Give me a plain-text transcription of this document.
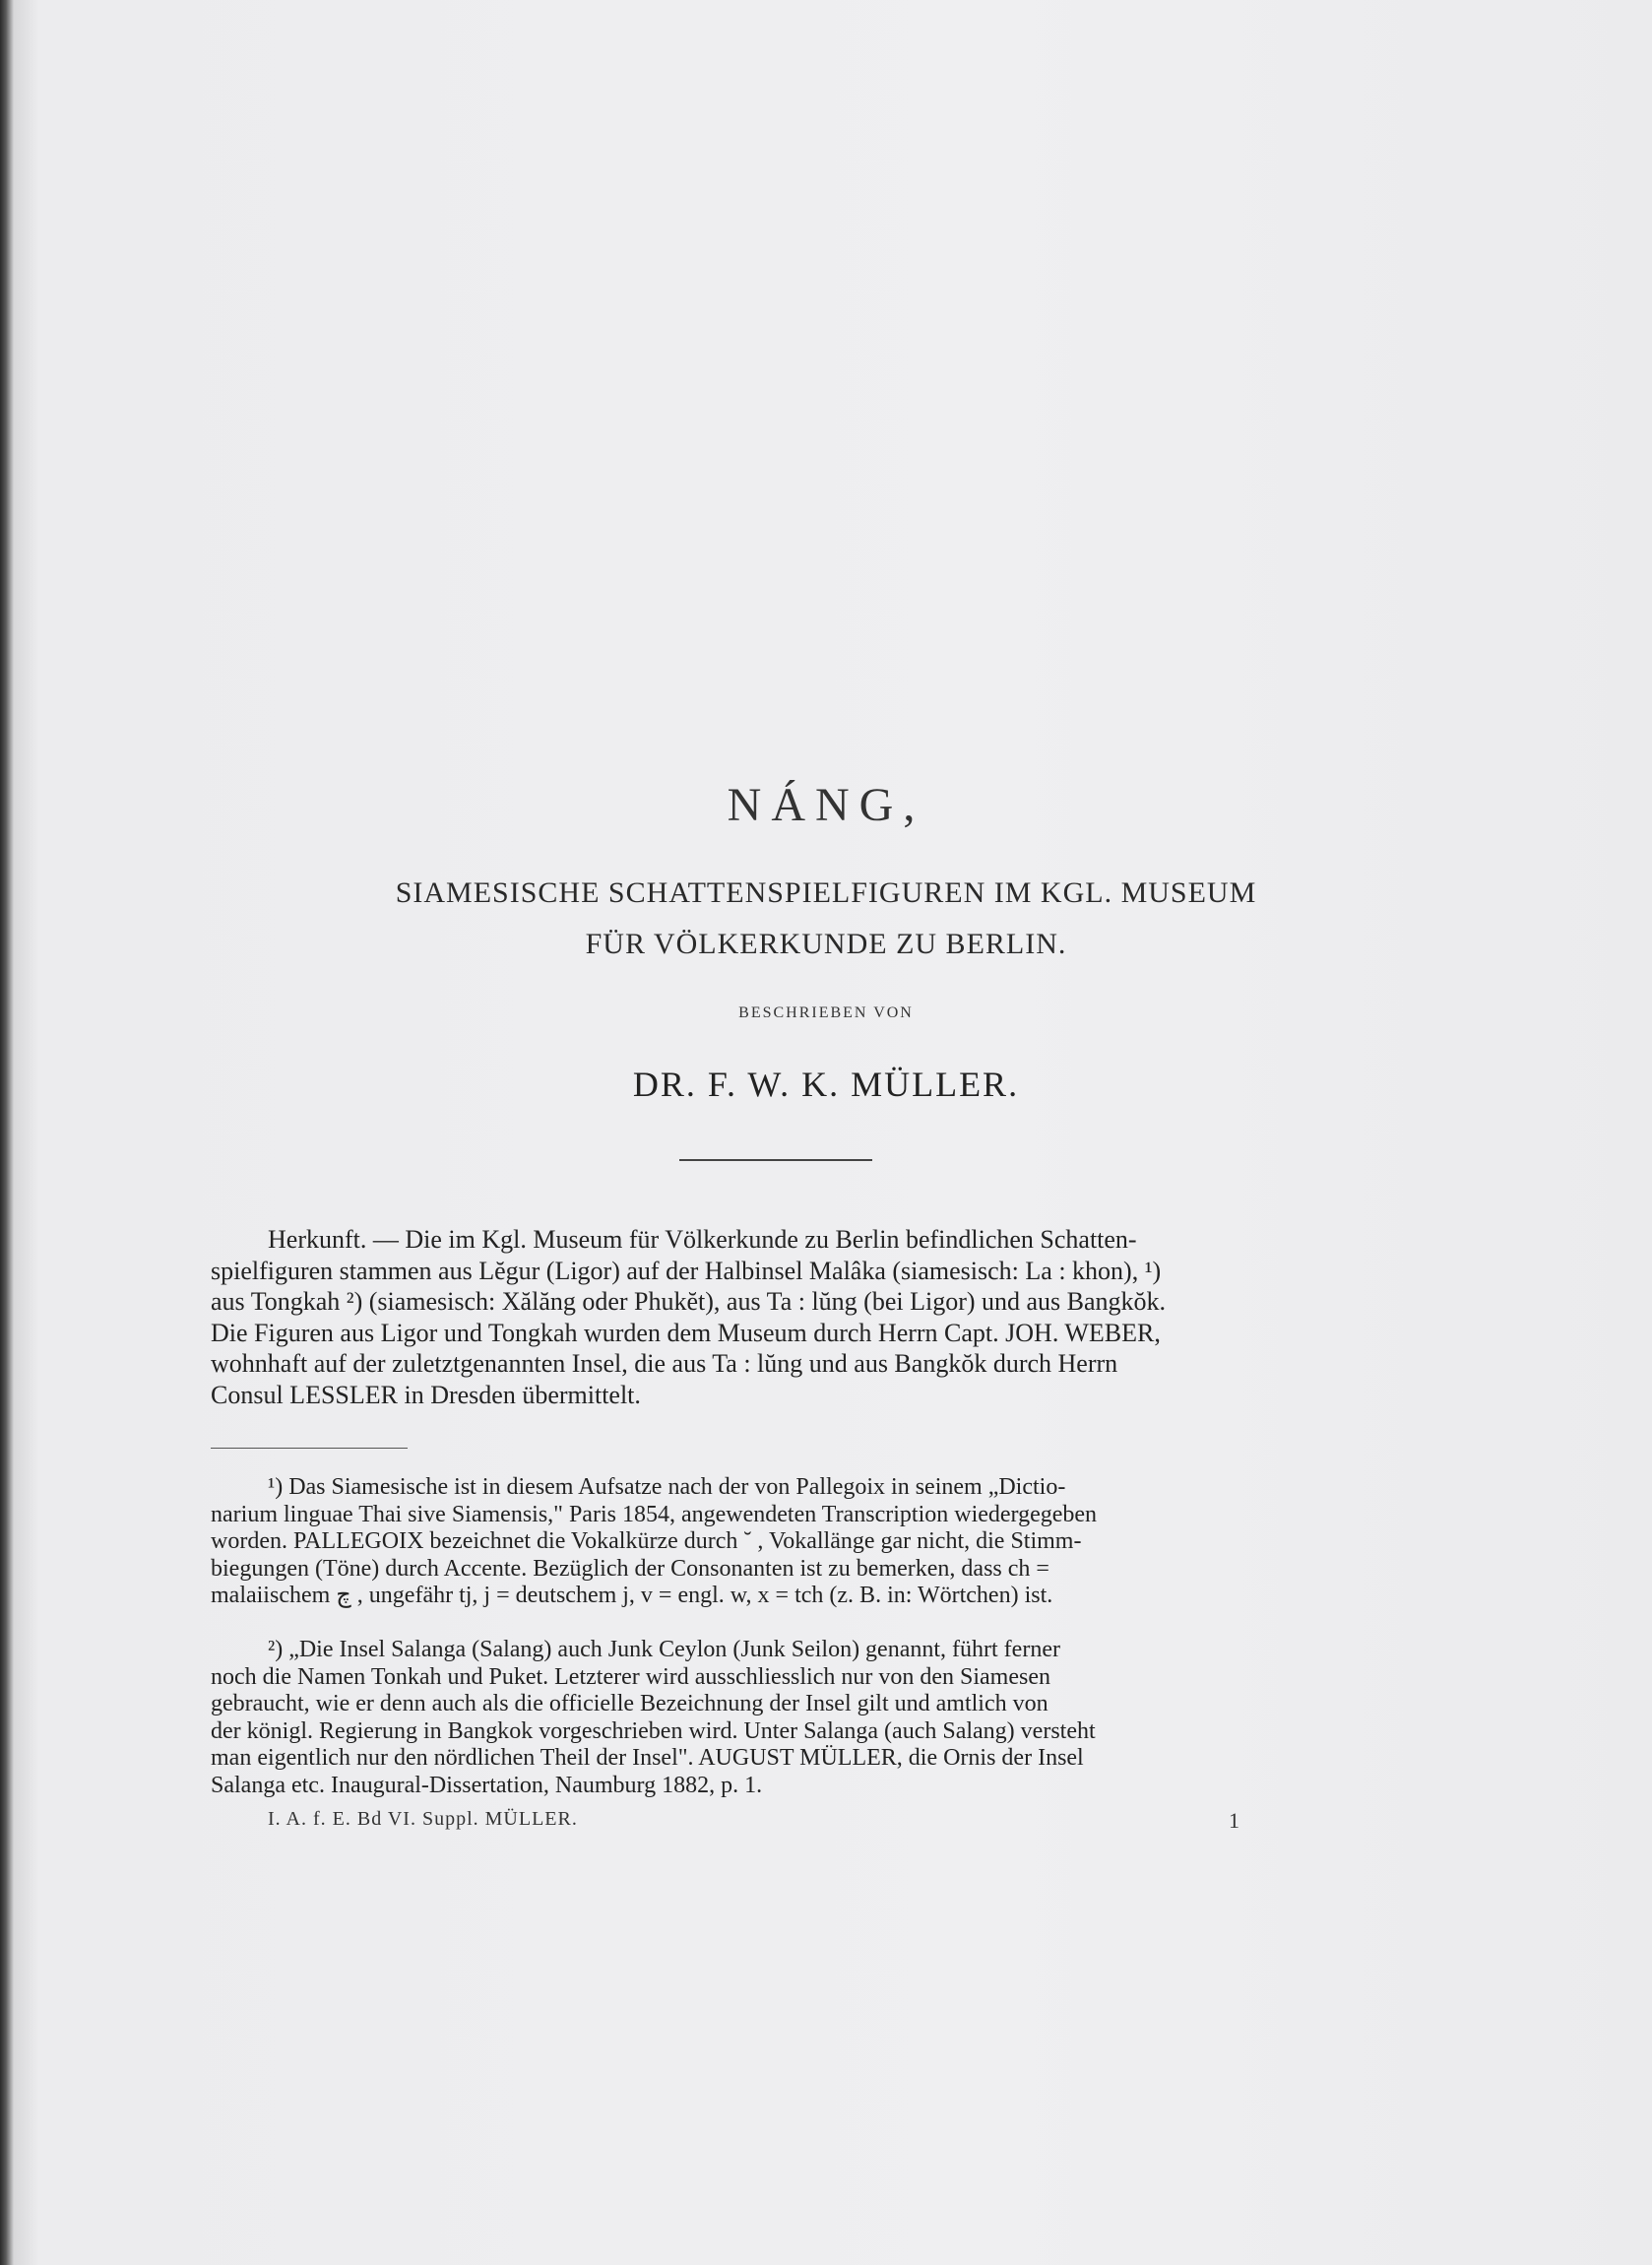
NÁNG,
SIAMESISCHE SCHATTENSPIELFIGUREN IM KGL. MUSEUM
FÜR VÖLKERKUNDE ZU BERLIN.
BESCHRIEBEN VON
DR. F. W. K. MÜLLER.
Herkunft. — Die im Kgl. Museum für Völkerkunde zu Berlin befindlichen Schatten-
spielfiguren stammen aus Lĕgur (Ligor) auf der Halbinsel Malâka (siamesisch: La : khon), ¹)
aus Tongkah ²) (siamesisch: Xălăng oder Phukĕt), aus Ta : lŭng (bei Ligor) und aus Bangkŏk.
Die Figuren aus Ligor und Tongkah wurden dem Museum durch Herrn Capt. JOH. WEBER,
wohnhaft auf der zuletztgenannten Insel, die aus Ta : lŭng und aus Bangkŏk durch Herrn
Consul LESSLER in Dresden übermittelt.
¹) Das Siamesische ist in diesem Aufsatze nach der von Pallegoix in seinem „Dictio-
narium linguae Thai sive Siamensis," Paris 1854, angewendeten Transcription wiedergegeben
worden. PALLEGOIX bezeichnet die Vokalkürze durch ˘ , Vokallänge gar nicht, die Stimm-
biegungen (Töne) durch Accente. Bezüglich der Consonanten ist zu bemerken, dass ch =
malaiischem چ , ungefähr tj, j = deutschem j, v = engl. w, x = tch (z. B. in: Wörtchen) ist.
²) „Die Insel Salanga (Salang) auch Junk Ceylon (Junk Seilon) genannt, führt ferner
noch die Namen Tonkah und Puket. Letzterer wird ausschliesslich nur von den Siamesen
gebraucht, wie er denn auch als die officielle Bezeichnung der Insel gilt und amtlich von
der königl. Regierung in Bangkok vorgeschrieben wird. Unter Salanga (auch Salang) versteht
man eigentlich nur den nördlichen Theil der Insel". AUGUST MÜLLER, die Ornis der Insel
Salanga etc. Inaugural-Dissertation, Naumburg 1882, p. 1.
I. A. f. E. Bd VI. Suppl. MÜLLER.	1
